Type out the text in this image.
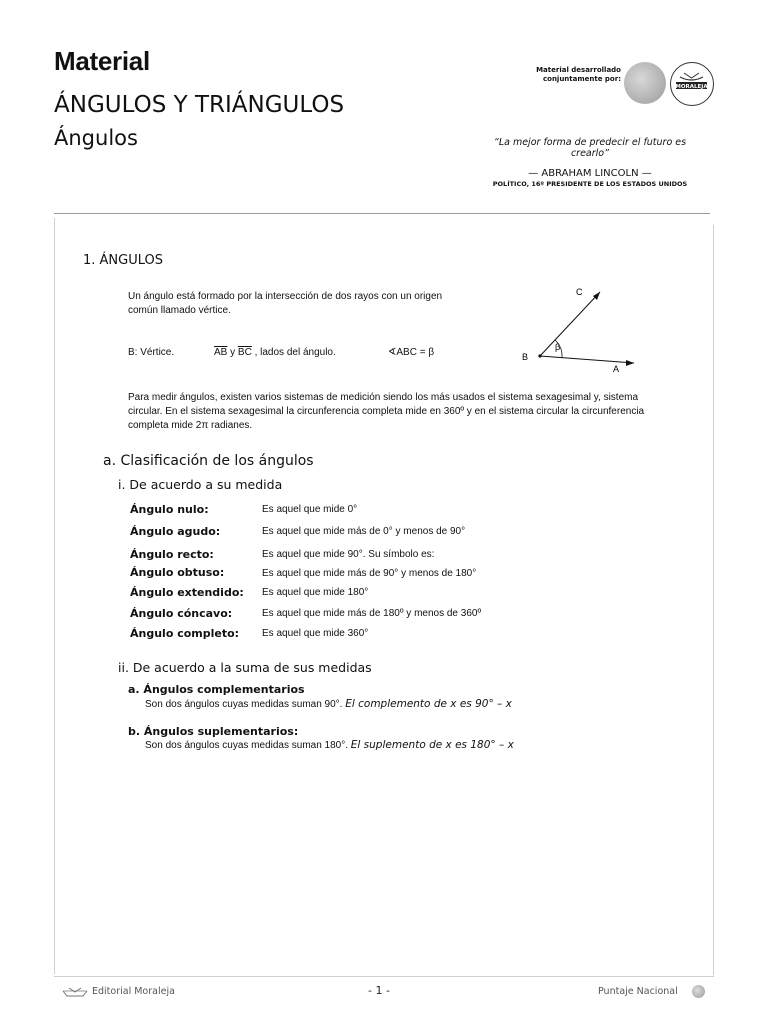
Material
ÁNGULOS Y TRIÁNGULOS
Ángulos
Material desarrollado conjuntamente por:
MORALEJA
“La mejor forma de predecir el futuro es crearlo”
— ABRAHAM LINCOLN —
POLÍTICO, 16º PRESIDENTE DE LOS ESTADOS UNIDOS
1. ÁNGULOS
Un ángulo está formado por la intersección de dos rayos con un origen común llamado vértice.
B: Vértice.	$\overline{AB}$ y $\overline{BC}$ , lados del ángulo.	∢ABC = β
C
B
A
β
Para medir ángulos, existen varios sistemas de medición siendo los más usados el sistema sexagesimal y, sistema circular. En el sistema sexagesimal la circunferencia completa mide en 360º y en el sistema circular la circunferencia completa mide 2π radianes.
a. Clasificación de los ángulos
i. De acuerdo a su medida
Ángulo nulo:	Es aquel que mide 0°
Ángulo agudo:	Es aquel que mide más de 0° y menos de 90°
Ángulo recto:	Es aquel que mide 90°. Su símbolo es:
Ángulo obtuso:	Es aquel que mide más de 90° y menos de 180°
Ángulo extendido: Es aquel que mide 180°
Ángulo cóncavo:	Es aquel que mide más de 180º y menos de 360º
Ángulo completo: Es aquel que mide 360°
ii. De acuerdo a la suma de sus medidas
a. Ángulos complementarios
Son dos ángulos cuyas medidas suman 90°. El complemento de x es 90° – x
b. Ángulos suplementarios:
Son dos ángulos cuyas medidas suman 180°. El suplemento de x es 180° – x
Editorial Moraleja	- 1 -	Puntaje Nacional
